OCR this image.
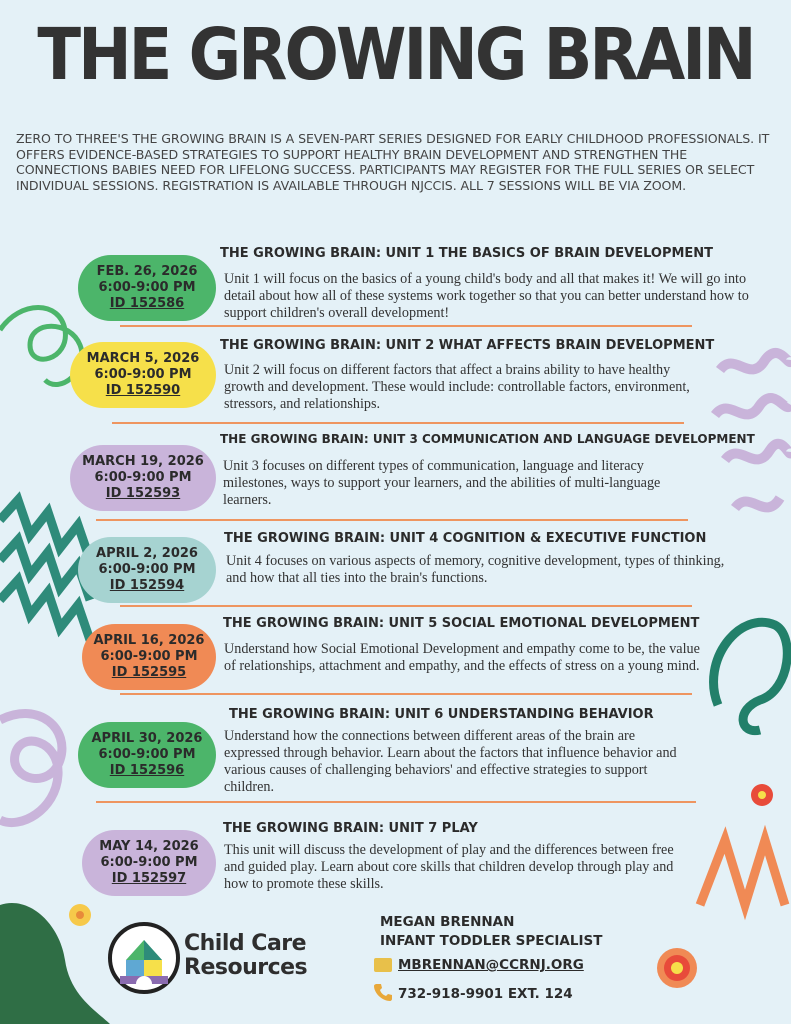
THE GROWING BRAIN
ZERO TO THREE'S THE GROWING BRAIN IS A SEVEN-PART SERIES DESIGNED FOR EARLY CHILDHOOD PROFESSIONALS. IT OFFERS EVIDENCE-BASED STRATEGIES TO SUPPORT HEALTHY BRAIN DEVELOPMENT AND STRENGTHEN THE CONNECTIONS BABIES NEED FOR LIFELONG SUCCESS. PARTICIPANTS MAY REGISTER FOR THE FULL SERIES OR SELECT INDIVIDUAL SESSIONS. REGISTRATION IS AVAILABLE THROUGH NJCCIS. ALL 7 SESSIONS WILL BE VIA ZOOM.
FEB. 26, 2026
6:00-9:00 PM
ID 152586
THE GROWING BRAIN: UNIT 1 THE BASICS OF BRAIN DEVELOPMENT
Unit 1 will focus on the basics of a young child's body and all that makes it! We will go into detail about how all of these systems work together so that you can better understand how to support children's overall development!
MARCH 5, 2026
6:00-9:00 PM
ID 152590
THE GROWING BRAIN: UNIT 2 WHAT AFFECTS BRAIN DEVELOPMENT
Unit 2 will focus on different factors that affect a brains ability to have healthy growth and development. These would include: controllable factors, environment, stressors, and relationships.
MARCH 19, 2026
6:00-9:00 PM
ID 152593
THE GROWING BRAIN: UNIT 3 COMMUNICATION AND LANGUAGE DEVELOPMENT
Unit 3 focuses on different types of communication, language and literacy milestones, ways to support your learners, and the abilities of multi-language learners.
APRIL 2, 2026
6:00-9:00 PM
ID 152594
THE GROWING BRAIN: UNIT 4 COGNITION & EXECUTIVE FUNCTION
Unit 4 focuses on various aspects of memory, cognitive development, types of thinking, and how that all ties into the brain's functions.
APRIL 16, 2026
6:00-9:00 PM
ID 152595
THE GROWING BRAIN: UNIT 5 SOCIAL EMOTIONAL DEVELOPMENT
Understand how Social Emotional Development and empathy come to be, the value of relationships, attachment and empathy, and the effects of stress on a young mind.
APRIL 30, 2026
6:00-9:00 PM
ID 152596
THE GROWING BRAIN: UNIT 6 UNDERSTANDING BEHAVIOR
Understand how the connections between different areas of the brain are expressed through behavior. Learn about the factors that influence behavior and various causes of challenging behaviors' and effective strategies to support children.
MAY 14, 2026
6:00-9:00 PM
ID 152597
THE GROWING BRAIN: UNIT 7 PLAY
This unit will discuss the development of play and the differences between free and guided play. Learn about core skills that children develop through play and how to promote these skills.
Child Care
Resources
MEGAN BRENNAN
INFANT TODDLER SPECIALIST
MBRENNAN@CCRNJ.ORG
732-918-9901 EXT. 124
